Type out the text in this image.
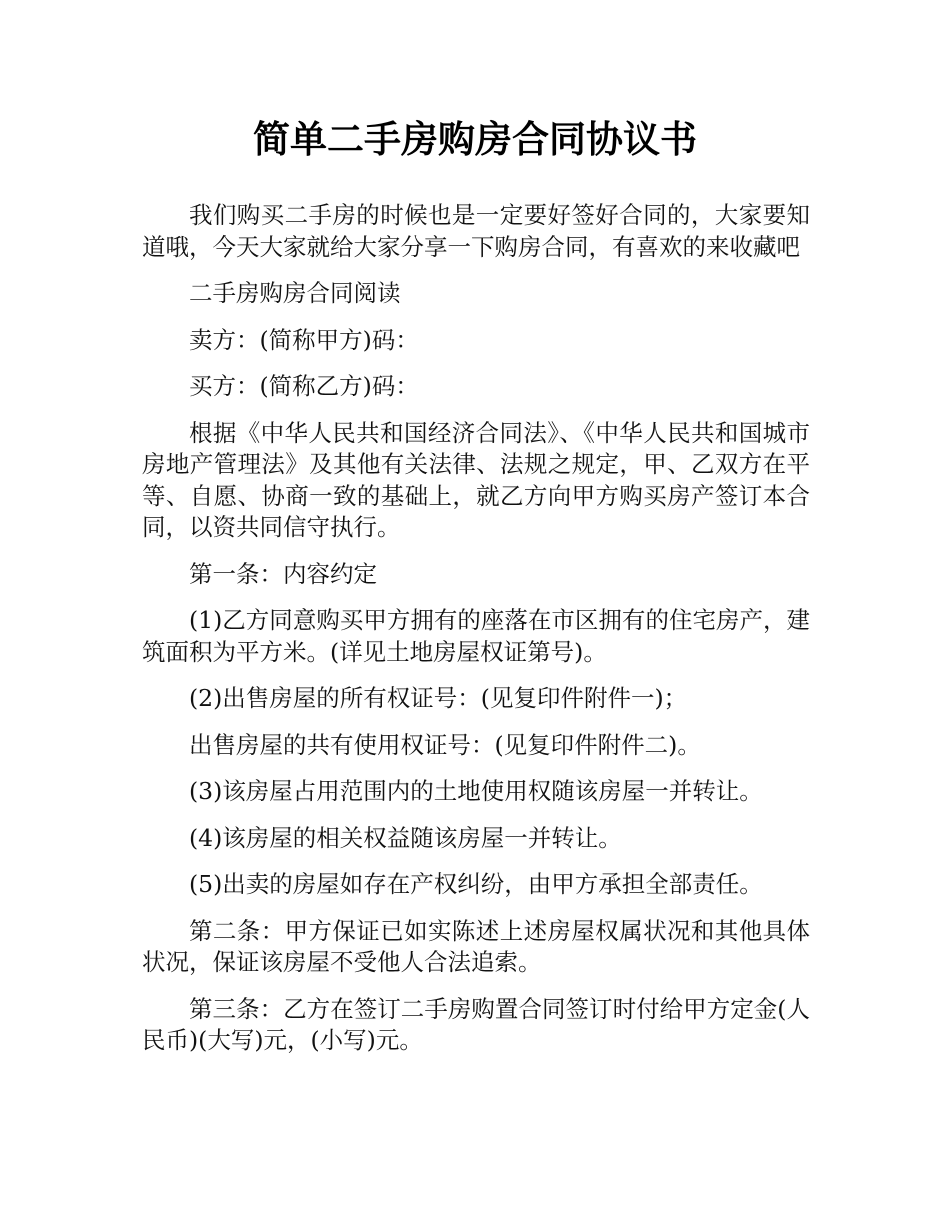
简单二手房购房合同协议书

我们购买二手房的时候也是一定要好签好合同的，大家要知道哦，今天大家就给大家分享一下购房合同，有喜欢的来收藏吧

二手房购房合同阅读

卖方：(简称甲方)码：

买方：(简称乙方)码：

根据《中华人民共和国经济合同法》、《中华人民共和国城市房地产管理法》及其他有关法律、法规之规定，甲、乙双方在平等、自愿、协商一致的基础上，就乙方向甲方购买房产签订本合同，以资共同信守执行。

第一条：内容约定

(1)乙方同意购买甲方拥有的座落在市区拥有的住宅房产，建筑面积为平方米。(详见土地房屋权证第号)。

(2)出售房屋的所有权证号：(见复印件附件一)；

出售房屋的共有使用权证号：(见复印件附件二)。

(3)该房屋占用范围内的土地使用权随该房屋一并转让。

(4)该房屋的相关权益随该房屋一并转让。

(5)出卖的房屋如存在产权纠纷，由甲方承担全部责任。

第二条：甲方保证已如实陈述上述房屋权属状况和其他具体状况，保证该房屋不受他人合法追索。

第三条：乙方在签订二手房购置合同签订时付给甲方定金(人民币)(大写)元，(小写)元。
